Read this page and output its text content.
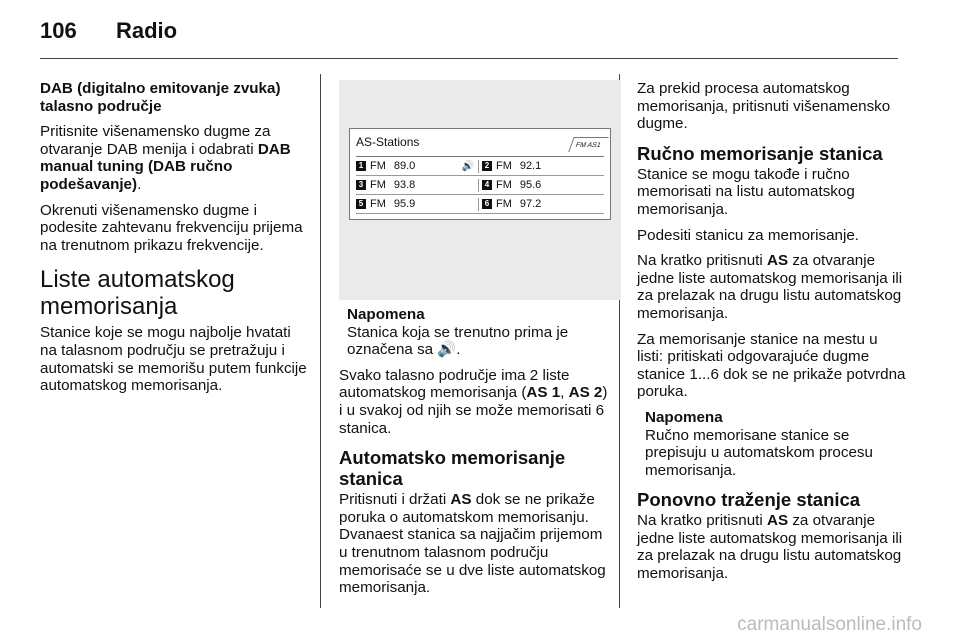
106 Radio

DAB (digitalno emitovanje zvuka) talasno područje

Pritisnite višenamensko dugme za otvaranje DAB menija i odabrati DAB manual tuning (DAB ručno podešavanje).

Okrenuti višenamensko dugme i podesite zahtevanu frekvenciju prijema na trenutnom prikazu frekvencije.

Liste automatskog memorisanja

Stanice koje se mogu najbolje hvatati na talasnom području se pretražuju i automatski se memorišu putem funkcije automatskog memorisanja.

AS-Stations	FM AS1
1 FM 89.0	🔊	2 FM 92.1
3 FM 93.8	4 FM 95.6
5 FM 95.9	6 FM 97.2
Napomena
Stanica koja se trenutno prima je označena sa 🔊.

Svako talasno područje ima 2 liste automatskog memorisanja (AS 1, AS 2) i u svakoj od njih se može memorisati 6 stanica.

Automatsko memorisanje stanica

Pritisnuti i držati AS dok se ne prikaže poruka o automatskom memorisanju. Dvanaest stanica sa najjačim prijemom u trenutnom talasnom području memorisaće se u dve liste automatskog memorisanja.

Za prekid procesa automatskog memorisanja, pritisnuti višenamensko dugme.

Ručno memorisanje stanica

Stanice se mogu takođe i ručno memorisati na listu automatskog memorisanja.

Podesiti stanicu za memorisanje.

Na kratko pritisnuti AS za otvaranje jedne liste automatskog memorisanja ili za prelazak na drugu listu automatskog memorisanja.

Za memorisanje stanice na mestu u listi: pritiskati odgovarajuće dugme stanice 1...6 dok se ne prikaže potvrdna poruka.

Napomena
Ručno memorisane stanice se prepisuju u automatskom procesu memorisanja.
Ponovno traženje stanica

Na kratko pritisnuti AS za otvaranje jedne liste automatskog memorisanja ili za prelazak na drugu listu automatskog memorisanja.

carmanualsonline.info
